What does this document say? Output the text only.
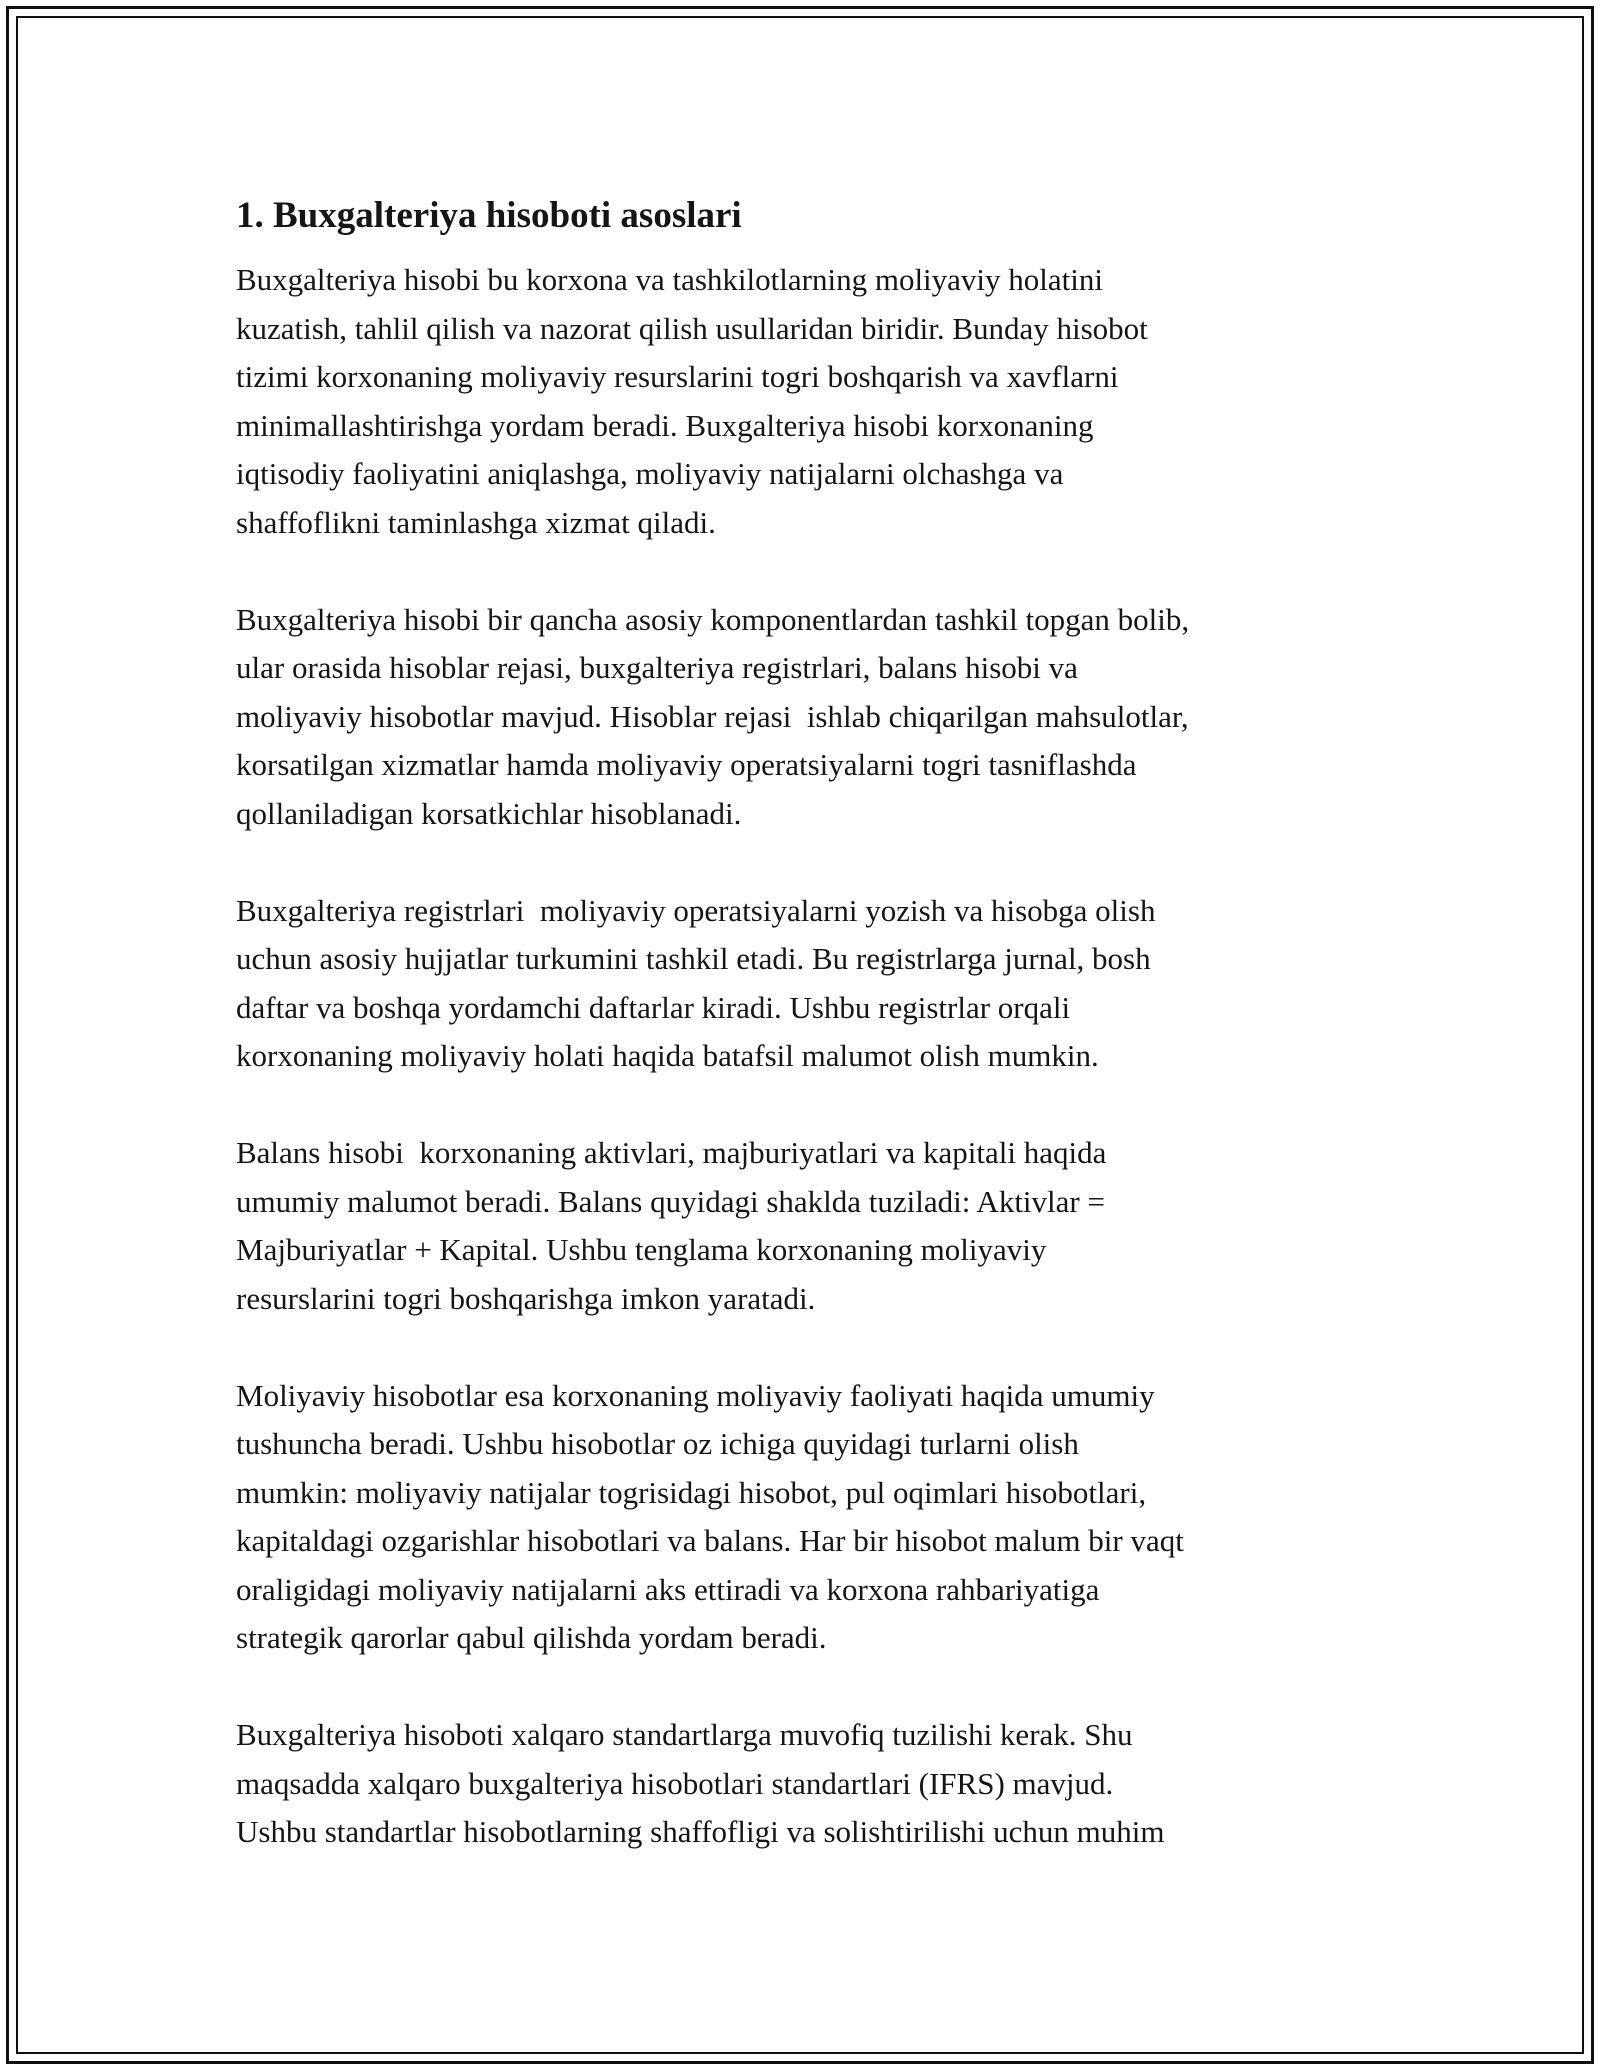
1. Buxgalteriya hisoboti asoslari

Buxgalteriya hisobi bu korxona va tashkilotlarning moliyaviy holatini
kuzatish, tahlil qilish va nazorat qilish usullaridan biridir. Bunday hisobot
tizimi korxonaning moliyaviy resurslarini togri boshqarish va xavflarni
minimallashtirishga yordam beradi. Buxgalteriya hisobi korxonaning
iqtisodiy faoliyatini aniqlashga, moliyaviy natijalarni olchashga va
shaffoflikni taminlashga xizmat qiladi.

Buxgalteriya hisobi bir qancha asosiy komponentlardan tashkil topgan bolib,
ular orasida hisoblar rejasi, buxgalteriya registrlari, balans hisobi va
moliyaviy hisobotlar mavjud. Hisoblar rejasi  ishlab chiqarilgan mahsulotlar,
korsatilgan xizmatlar hamda moliyaviy operatsiyalarni togri tasniflashda
qollaniladigan korsatkichlar hisoblanadi.

Buxgalteriya registrlari  moliyaviy operatsiyalarni yozish va hisobga olish
uchun asosiy hujjatlar turkumini tashkil etadi. Bu registrlarga jurnal, bosh
daftar va boshqa yordamchi daftarlar kiradi. Ushbu registrlar orqali
korxonaning moliyaviy holati haqida batafsil malumot olish mumkin.

Balans hisobi  korxonaning aktivlari, majburiyatlari va kapitali haqida
umumiy malumot beradi. Balans quyidagi shaklda tuziladi: Aktivlar =
Majburiyatlar + Kapital. Ushbu tenglama korxonaning moliyaviy
resurslarini togri boshqarishga imkon yaratadi.

Moliyaviy hisobotlar esa korxonaning moliyaviy faoliyati haqida umumiy
tushuncha beradi. Ushbu hisobotlar oz ichiga quyidagi turlarni olish
mumkin: moliyaviy natijalar togrisidagi hisobot, pul oqimlari hisobotlari,
kapitaldagi ozgarishlar hisobotlari va balans. Har bir hisobot malum bir vaqt
oraligidagi moliyaviy natijalarni aks ettiradi va korxona rahbariyatiga
strategik qarorlar qabul qilishda yordam beradi.

Buxgalteriya hisoboti xalqaro standartlarga muvofiq tuzilishi kerak. Shu
maqsadda xalqaro buxgalteriya hisobotlari standartlari (IFRS) mavjud.
Ushbu standartlar hisobotlarning shaffofligi va solishtirilishi uchun muhim
